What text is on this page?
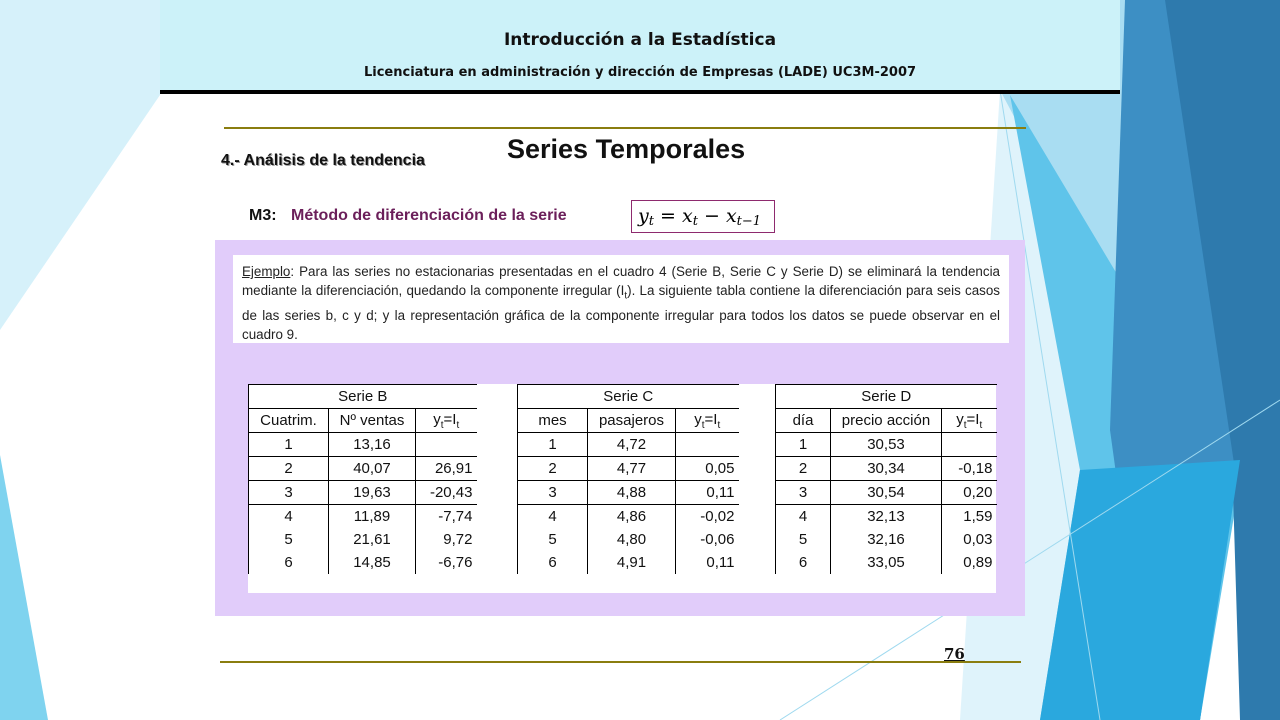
Introducción a la Estadística
Licenciatura en administración y dirección de Empresas (LADE) UC3M-2007
Series Temporales
4.- Análisis de la tendencia
M3: Método de diferenciación de la serie	$y_t = x_t - x_{t-1}$
Ejemplo: Para las series no estacionarias presentadas en el cuadro 4 (Serie B, Serie C y Serie D) se eliminará la tendencia mediante la diferenciación, quedando la componente irregular $(I_t)$. La siguiente tabla contiene la diferenciación para seis casos de las series b, c y d; y la representación gráfica de la componente irregular para todos los datos se puede observar en el cuadro 9.
Serie B		
Cuatrim.	Nº ventas	$y_t=I_t$
1	13,16	
2	40,07	26,91
3	19,63	-20,43
4	11,89	-7,74
5	21,61	9,72
6	14,85	-6,76
Serie C		
mes	pasajeros	$y_t=I_t$
1	4,72	
2	4,77	0,05
3	4,88	0,11
4	4,86	-0,02
5	4,80	-0,06
6	4,91	0,11
Serie D		
día	precio acción	$y_t=I_t$
1	30,53	
2	30,34	-0,18
3	30,54	0,20
4	32,13	1,59
5	32,16	0,03
6	33,05	0,89
76
